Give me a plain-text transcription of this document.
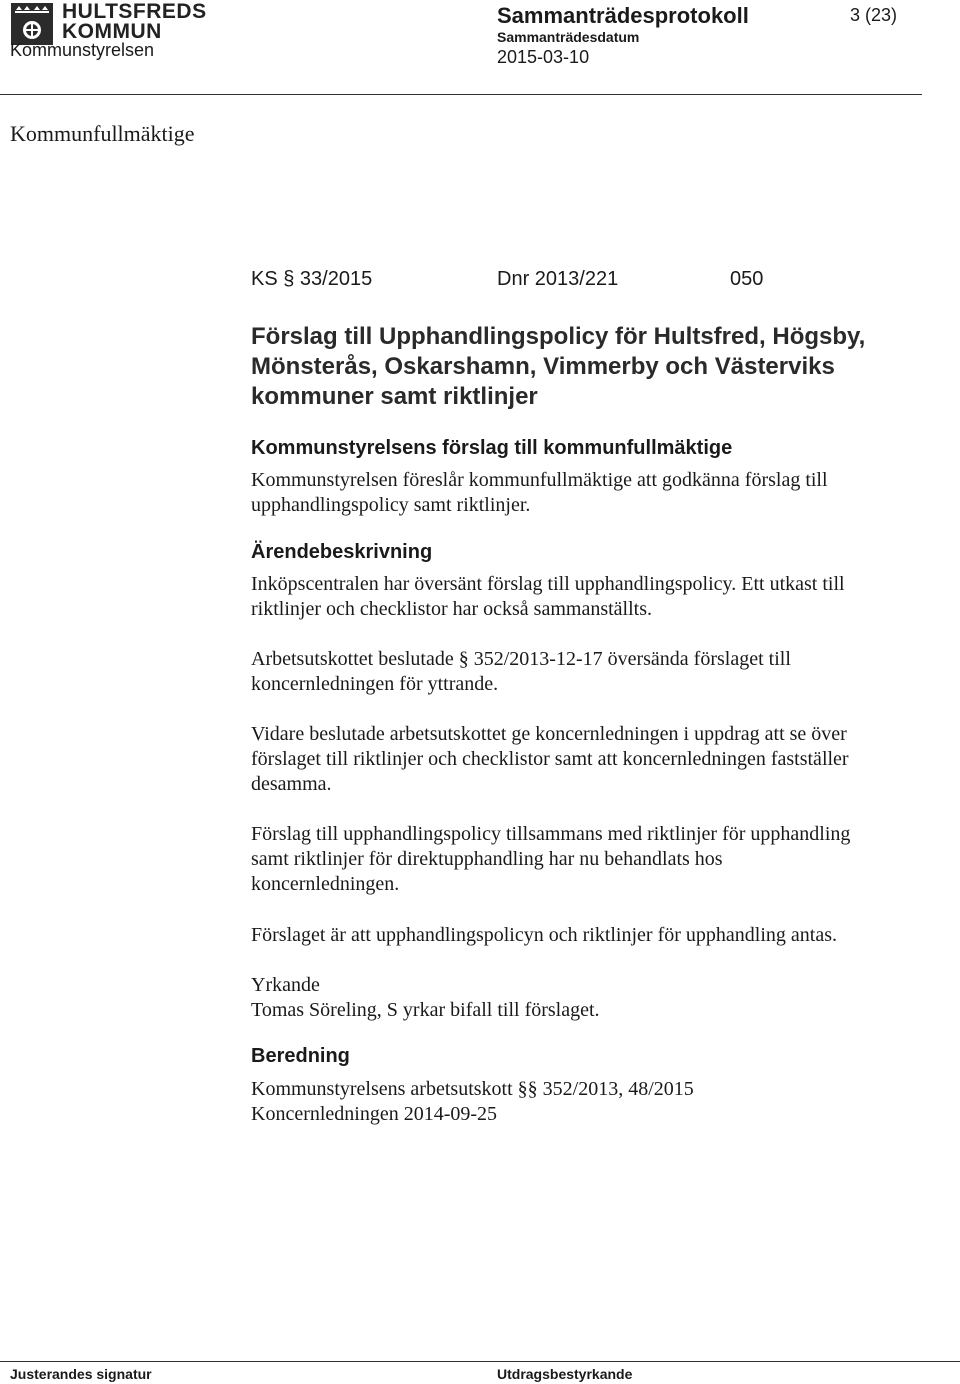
HULTSFREDS
KOMMUN
Kommunstyrelsen
Sammanträdesprotokoll
Sammanträdesdatum
2015-03-10
3 (23)
Kommunfullmäktige
KS § 33/2015	Dnr 2013/221	050
Förslag till Upphandlingspolicy för Hultsfred, Högsby,
Mönsterås, Oskarshamn, Vimmerby och Västerviks
kommuner samt riktlinjer
Kommunstyrelsens förslag till kommunfullmäktige
Kommunstyrelsen föreslår kommunfullmäktige att godkänna förslag till
upphandlingspolicy samt riktlinjer.
Ärendebeskrivning
Inköpscentralen har översänt förslag till upphandlingspolicy. Ett utkast till
riktlinjer och checklistor har också sammanställts.
Arbetsutskottet beslutade § 352/2013-12-17 översända förslaget till
koncernledningen för yttrande.
Vidare beslutade arbetsutskottet ge koncernledningen i uppdrag att se över
förslaget till riktlinjer och checklistor samt att koncernledningen fastställer
desamma.
Förslag till upphandlingspolicy tillsammans med riktlinjer för upphandling
samt riktlinjer för direktupphandling har nu behandlats hos
koncernledningen.
Förslaget är att upphandlingspolicyn och riktlinjer för upphandling antas.
Yrkande
Tomas Söreling, S yrkar bifall till förslaget.
Beredning
Kommunstyrelsens arbetsutskott §§ 352/2013, 48/2015
Koncernledningen 2014-09-25
Justerandes signatur	Utdragsbestyrkande
